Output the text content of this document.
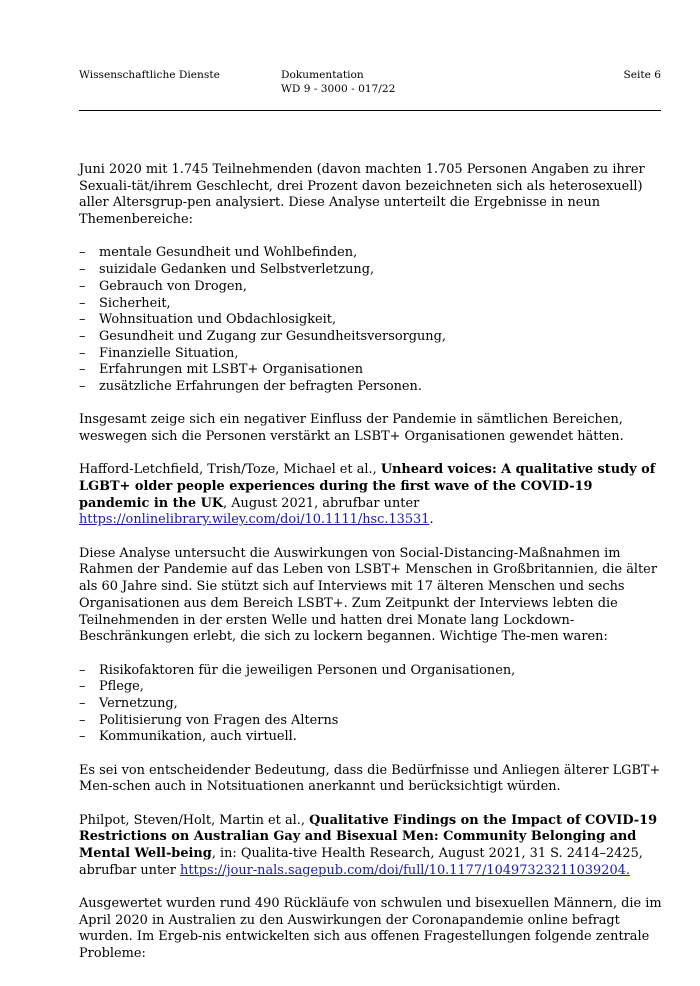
Wissenschaftliche Dienste	Dokumentation
WD 9 - 3000 - 017/22
Seite 6

Juni 2020 mit 1.745 Teilnehmenden (davon machten 1.705 Personen Angaben zu ihrer Sexuali-tät/ihrem Geschlecht, drei Prozent davon bezeichneten sich als heterosexuell) aller Altersgrup-pen analysiert. Diese Analyse unterteilt die Ergebnisse in neun Themenbereiche:

– mentale Gesundheit und Wohlbefinden,
– suizidale Gedanken und Selbstverletzung,
– Gebrauch von Drogen,
– Sicherheit,
– Wohnsituation und Obdachlosigkeit,
– Gesundheit und Zugang zur Gesundheitsversorgung,
– Finanzielle Situation,
– Erfahrungen mit LSBT+ Organisationen
– zusätzliche Erfahrungen der befragten Personen.

Insgesamt zeige sich ein negativer Einfluss der Pandemie in sämtlichen Bereichen, weswegen sich die Personen verstärkt an LSBT+ Organisationen gewendet hätten.

Hafford-Letchfield, Trish/Toze, Michael et al., Unheard voices: A qualitative study of LGBT+ older people experiences during the first wave of the COVID-19 pandemic in the UK, August 2021, abrufbar unter https://onlinelibrary.wiley.com/doi/10.1111/hsc.13531.

Diese Analyse untersucht die Auswirkungen von Social-Distancing-Maßnahmen im Rahmen der Pandemie auf das Leben von LSBT+ Menschen in Großbritannien, die älter als 60 Jahre sind. Sie stützt sich auf Interviews mit 17 älteren Menschen und sechs Organisationen aus dem Bereich LSBT+. Zum Zeitpunkt der Interviews lebten die Teilnehmenden in der ersten Welle und hatten drei Monate lang Lockdown-Beschränkungen erlebt, die sich zu lockern begannen. Wichtige The-men waren:

– Risikofaktoren für die jeweiligen Personen und Organisationen,
– Pflege,
– Vernetzung,
– Politisierung von Fragen des Alterns
– Kommunikation, auch virtuell.

Es sei von entscheidender Bedeutung, dass die Bedürfnisse und Anliegen älterer LGBT+ Men-schen auch in Notsituationen anerkannt und berücksichtigt würden.

Philpot, Steven/Holt, Martin et al., Qualitative Findings on the Impact of COVID-19 Restrictions on Australian Gay and Bisexual Men: Community Belonging and Mental Well-being, in: Qualita-tive Health Research, August 2021, 31 S. 2414–2425, abrufbar unter https://jour-nals.sagepub.com/doi/full/10.1177/10497323211039204.

Ausgewertet wurden rund 490 Rückläufe von schwulen und bisexuellen Männern, die im April 2020 in Australien zu den Auswirkungen der Coronapandemie online befragt wurden. Im Ergeb-nis entwickelten sich aus offenen Fragestellungen folgende zentrale Probleme:
